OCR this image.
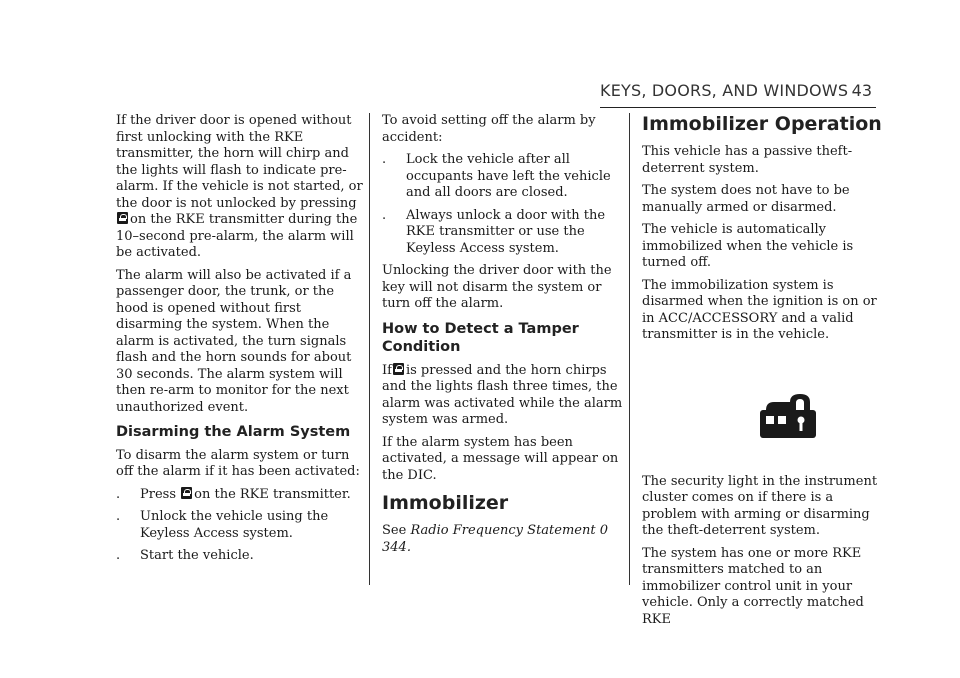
KEYS, DOORS, AND WINDOWS 43

If the driver door is opened without first unlocking with the RKE transmitter, the horn will chirp and the lights will flash to indicate pre-alarm. If the vehicle is not started, or the door is not unlocked by pressing on the RKE transmitter during the 10–second pre-alarm, the alarm will be activated.

The alarm will also be activated if a passenger door, the trunk, or the hood is opened without first disarming the system. When the alarm is activated, the turn signals flash and the horn sounds for about 30 seconds. The alarm system will then re-arm to monitor for the next unauthorized event.

Disarming the Alarm System

To disarm the alarm system or turn off the alarm if it has been activated:

.	Press on the RKE transmitter.
.	Unlock the vehicle using the Keyless Access system.
.	Start the vehicle.

To avoid setting off the alarm by accident:

.	Lock the vehicle after all occupants have left the vehicle and all doors are closed.
.	Always unlock a door with the RKE transmitter or use the Keyless Access system.

Unlocking the driver door with the key will not disarm the system or turn off the alarm.

How to Detect a Tamper Condition

If is pressed and the horn chirps and the lights flash three times, the alarm was activated while the alarm system was armed.

If the alarm system has been activated, a message will appear on the DIC.

Immobilizer

See Radio Frequency Statement 0 344.

Immobilizer Operation

This vehicle has a passive theft-deterrent system.

The system does not have to be manually armed or disarmed.

The vehicle is automatically immobilized when the vehicle is turned off.

The immobilization system is disarmed when the ignition is on or in ACC/ACCESSORY and a valid transmitter is in the vehicle.

The security light in the instrument cluster comes on if there is a problem with arming or disarming the theft-deterrent system.

The system has one or more RKE transmitters matched to an immobilizer control unit in your vehicle. Only a correctly matched RKE
